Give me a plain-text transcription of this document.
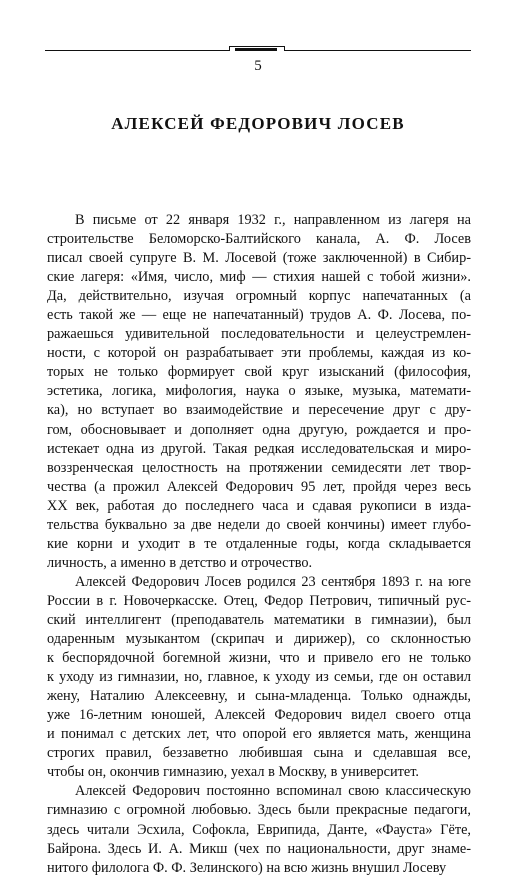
5
АЛЕКСЕЙ ФЕДОРОВИЧ ЛОСЕВ
В письме от 22 января 1932 г., направленном из лагеря на
строительстве Беломорско-Балтийского канала, А. Ф. Лосев
писал своей супруге В. М. Лосевой (тоже заключенной) в Сибир-
ские лагеря: «Имя, число, миф — стихия нашей с тобой жизни».
Да, действительно, изучая огромный корпус напечатанных (а
есть такой же — еще не напечатанный) трудов А. Ф. Лосева, по-
ражаешься удивительной последовательности и целеустремлен-
ности, с которой он разрабатывает эти проблемы, каждая из ко-
торых не только формирует свой круг изысканий (философия,
эстетика, логика, мифология, наука о языке, музыка, математи-
ка), но вступает во взаимодействие и пересечение друг с дру-
гом, обосновывает и дополняет одна другую, рождается и про-
истекает одна из другой. Такая редкая исследовательская и миро-
воззренческая целостность на протяжении семидесяти лет твор-
чества (а прожил Алексей Федорович 95 лет, пройдя через весь
XX век, работая до последнего часа и сдавая рукописи в изда-
тельства буквально за две недели до своей кончины) имеет глубо-
кие корни и уходит в те отдаленные годы, когда складывается
личность, а именно в детство и отрочество.
Алексей Федорович Лосев родился 23 сентября 1893 г. на юге
России в г. Новочеркасске. Отец, Федор Петрович, типичный рус-
ский интеллигент (преподаватель математики в гимназии), был
одаренным музыкантом (скрипач и дирижер), со склонностью
к беспорядочной богемной жизни, что и привело его не только
к уходу из гимназии, но, главное, к уходу из семьи, где он оставил
жену, Наталию Алексеевну, и сына-младенца. Только однажды,
уже 16-летним юношей, Алексей Федорович видел своего отца
и понимал с детских лет, что опорой его является мать, женщина
строгих правил, беззаветно любившая сына и сделавшая все,
чтобы он, окончив гимназию, уехал в Москву, в университет.
Алексей Федорович постоянно вспоминал свою классическую
гимназию с огромной любовью. Здесь были прекрасные педагоги,
здесь читали Эсхила, Софокла, Еврипида, Данте, «Фауста» Гёте,
Байрона. Здесь И. А. Микш (чех по национальности, друг знаме-
нитого филолога Ф. Ф. Зелинского) на всю жизнь внушил Лосеву
